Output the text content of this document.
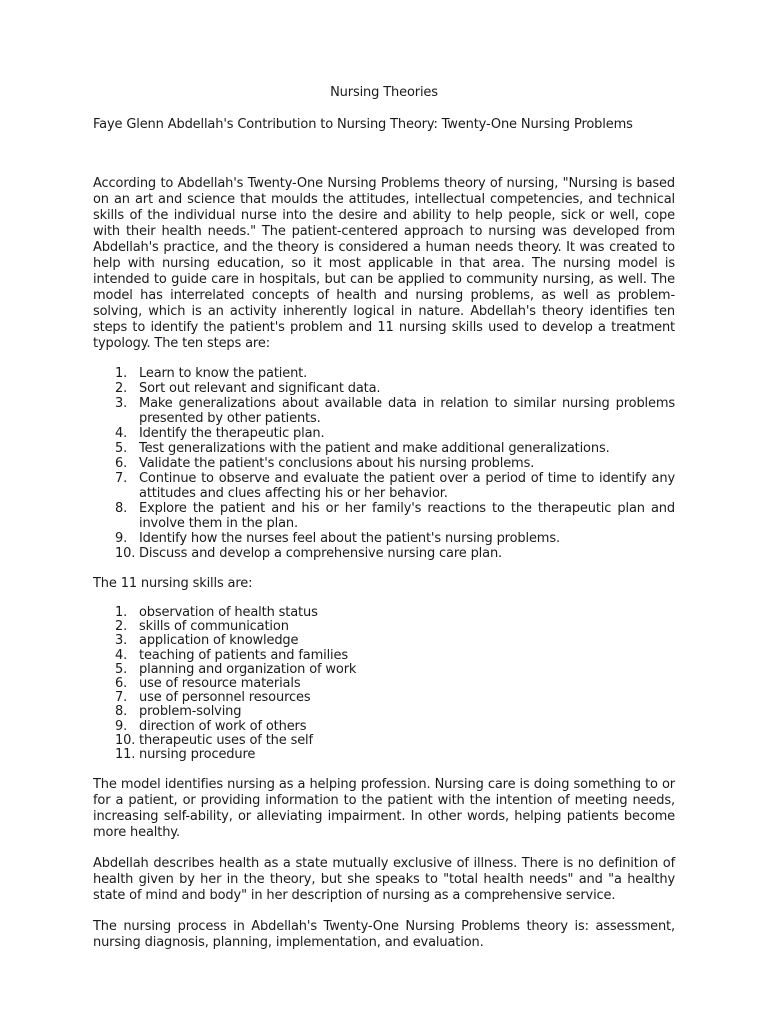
Nursing Theories

Faye Glenn Abdellah's Contribution to Nursing Theory: Twenty-One Nursing Problems

According to Abdellah's Twenty-One Nursing Problems theory of nursing, "Nursing is based on an art and science that moulds the attitudes, intellectual competencies, and technical skills of the individual nurse into the desire and ability to help people, sick or well, cope with their health needs." The patient-centered approach to nursing was developed from Abdellah's practice, and the theory is considered a human needs theory. It was created to help with nursing education, so it most applicable in that area. The nursing model is intended to guide care in hospitals, but can be applied to community nursing, as well. The model has interrelated concepts of health and nursing problems, as well as problem-solving, which is an activity inherently logical in nature. Abdellah's theory identifies ten steps to identify the patient's problem and 11 nursing skills used to develop a treatment typology. The ten steps are:

1. Learn to know the patient.
2. Sort out relevant and significant data.
3. Make generalizations about available data in relation to similar nursing problems presented by other patients.
4. Identify the therapeutic plan.
5. Test generalizations with the patient and make additional generalizations.
6. Validate the patient's conclusions about his nursing problems.
7. Continue to observe and evaluate the patient over a period of time to identify any attitudes and clues affecting his or her behavior.
8. Explore the patient and his or her family's reactions to the therapeutic plan and involve them in the plan.
9. Identify how the nurses feel about the patient's nursing problems.
10. Discuss and develop a comprehensive nursing care plan.

The 11 nursing skills are:

1. observation of health status
2. skills of communication
3. application of knowledge
4. teaching of patients and families
5. planning and organization of work
6. use of resource materials
7. use of personnel resources
8. problem-solving
9. direction of work of others
10. therapeutic uses of the self
11. nursing procedure

The model identifies nursing as a helping profession. Nursing care is doing something to or for a patient, or providing information to the patient with the intention of meeting needs, increasing self-ability, or alleviating impairment. In other words, helping patients become more healthy.

Abdellah describes health as a state mutually exclusive of illness. There is no definition of health given by her in the theory, but she speaks to "total health needs" and "a healthy state of mind and body" in her description of nursing as a comprehensive service.

The nursing process in Abdellah's Twenty-One Nursing Problems theory is: assessment, nursing diagnosis, planning, implementation, and evaluation.
